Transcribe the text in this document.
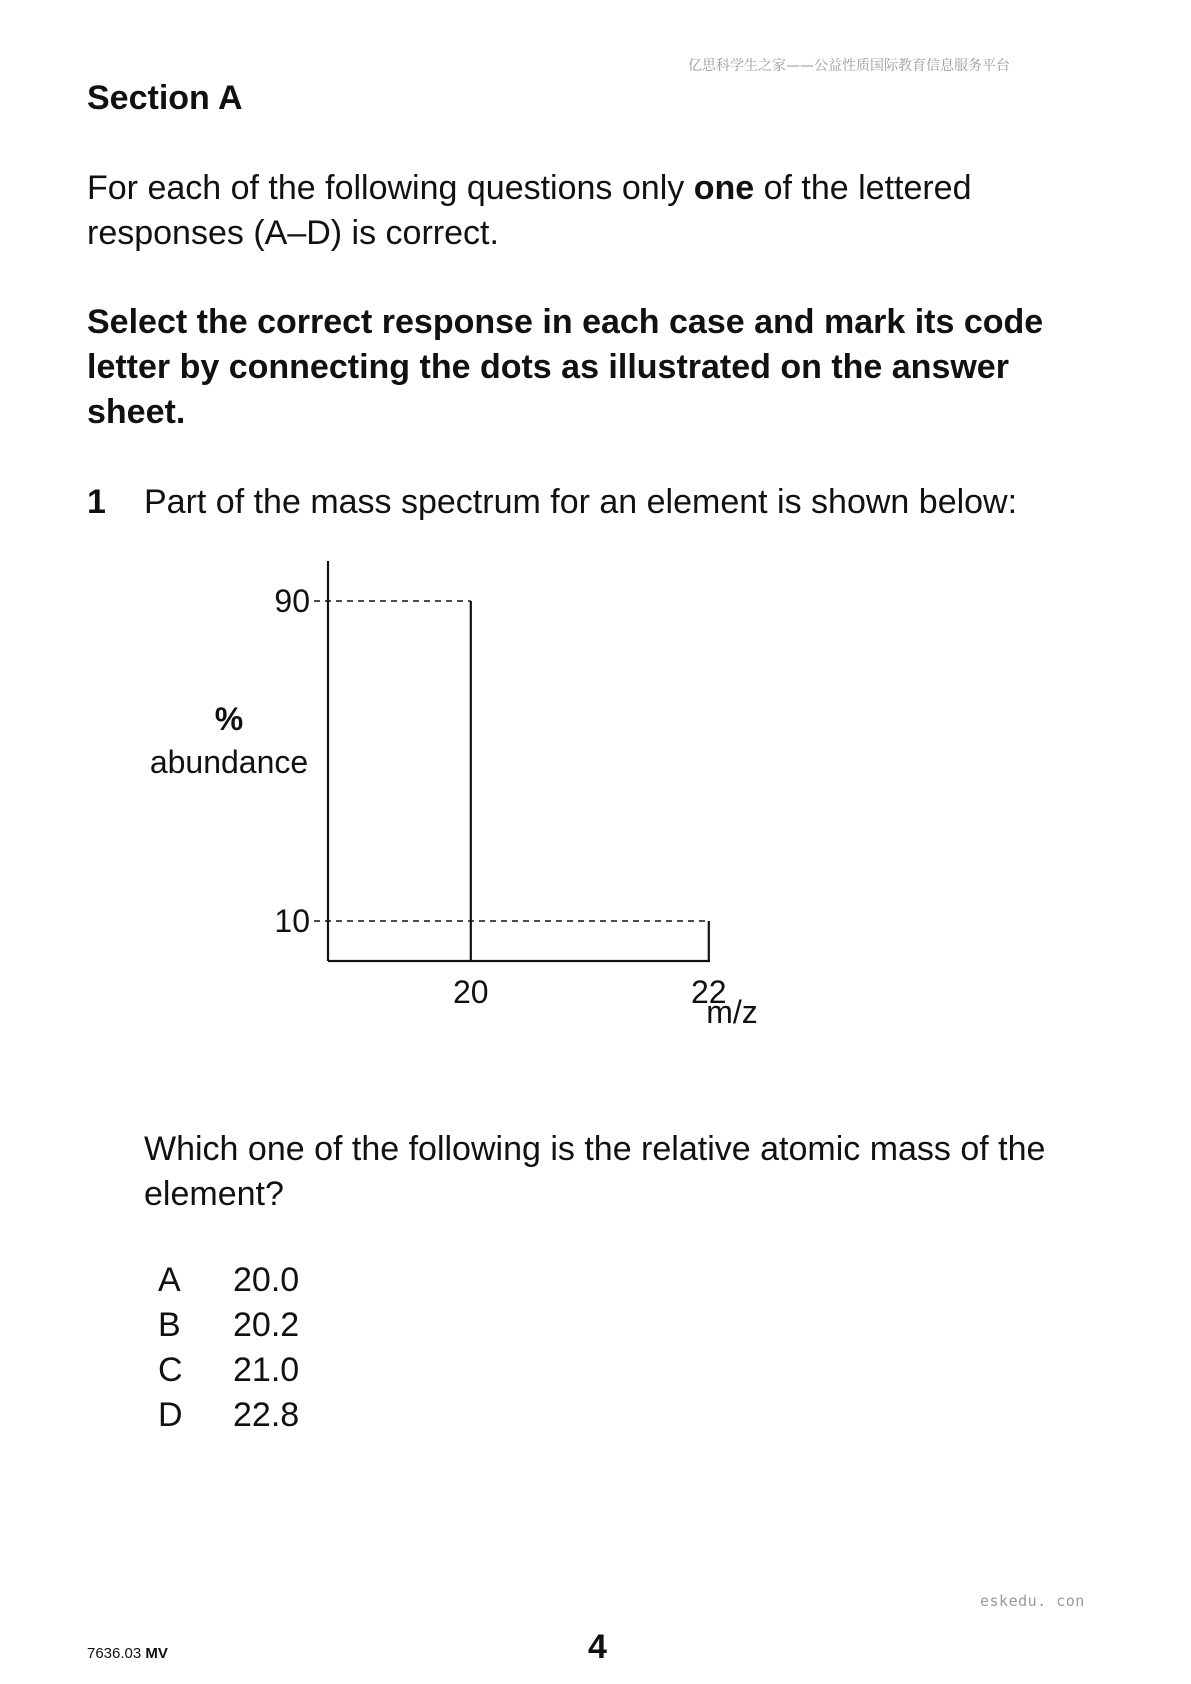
亿思科学生之家——公益性质国际教育信息服务平台
Section A

For each of the following questions only one of the lettered responses (A–D) is correct.

Select the correct response in each case and mark its code letter by connecting the dots as illustrated on the answer sheet.

1 Part of the mass spectrum for an element is shown below:
20
90
22
10
%
abundance
m/z

Which one of the following is the relative atomic mass of the element?

A	20.0
B	20.2
C	21.0
D	22.8
eskedu. con
7636.03 MV	4
